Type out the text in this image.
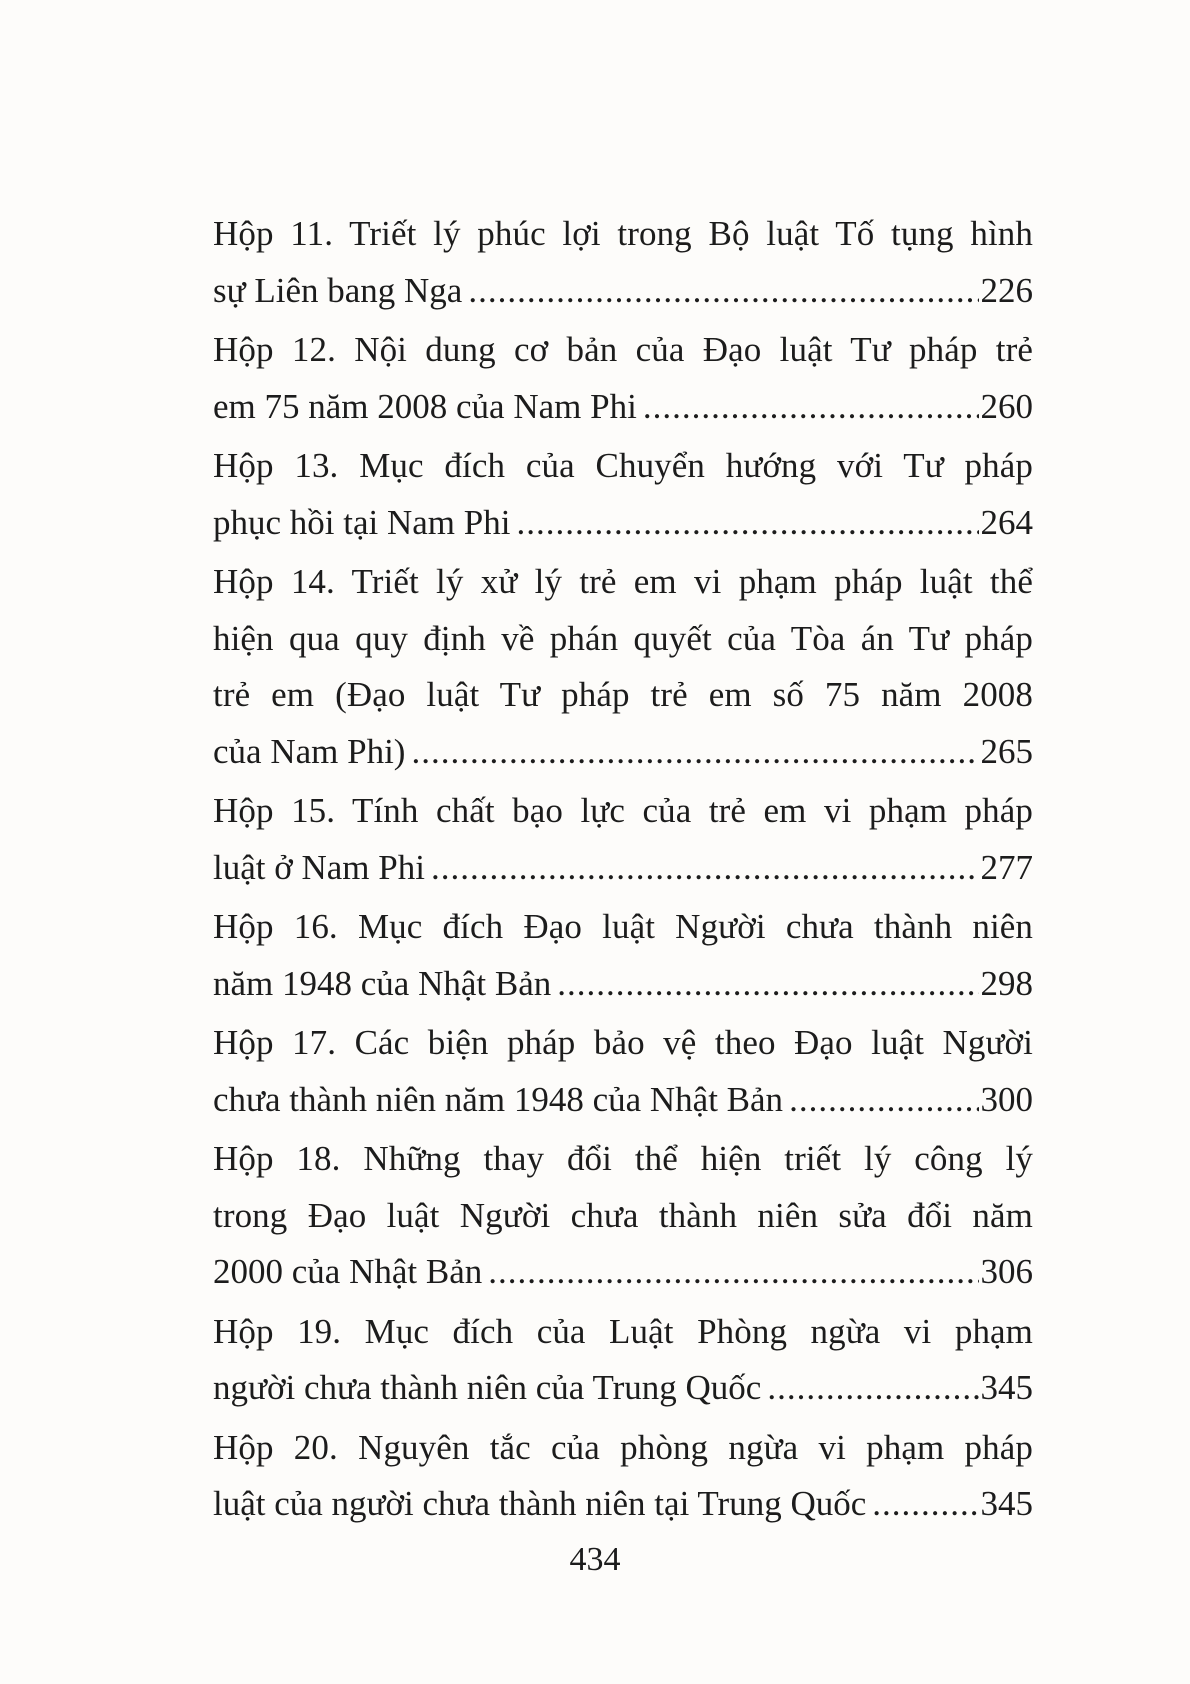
Hộp 11. Triết lý phúc lợi trong Bộ luật Tố tụng hình
sự Liên bang Nga .....	226
Hộp 12. Nội dung cơ bản của Đạo luật Tư pháp trẻ
em 75 năm 2008 của Nam Phi .....	260
Hộp 13. Mục đích của Chuyển hướng với Tư pháp
phục hồi tại Nam Phi .....	264
Hộp 14. Triết lý xử lý trẻ em vi phạm pháp luật thể
hiện qua quy định về phán quyết của Tòa án Tư pháp
trẻ em (Đạo luật Tư pháp trẻ em số 75 năm 2008
của Nam Phi) .....	265
Hộp 15. Tính chất bạo lực của trẻ em vi phạm pháp
luật ở Nam Phi .....	277
Hộp 16. Mục đích Đạo luật Người chưa thành niên
năm 1948 của Nhật Bản .....	298
Hộp 17. Các biện pháp bảo vệ theo Đạo luật Người
chưa thành niên năm 1948 của Nhật Bản .....	300
Hộp 18. Những thay đổi thể hiện triết lý công lý
trong Đạo luật Người chưa thành niên sửa đổi năm
2000 của Nhật Bản .....	306
Hộp 19. Mục đích của Luật Phòng ngừa vi phạm
người chưa thành niên của Trung Quốc .....	345
Hộp 20. Nguyên tắc của phòng ngừa vi phạm pháp
luật của người chưa thành niên tại Trung Quốc .....	345
434
